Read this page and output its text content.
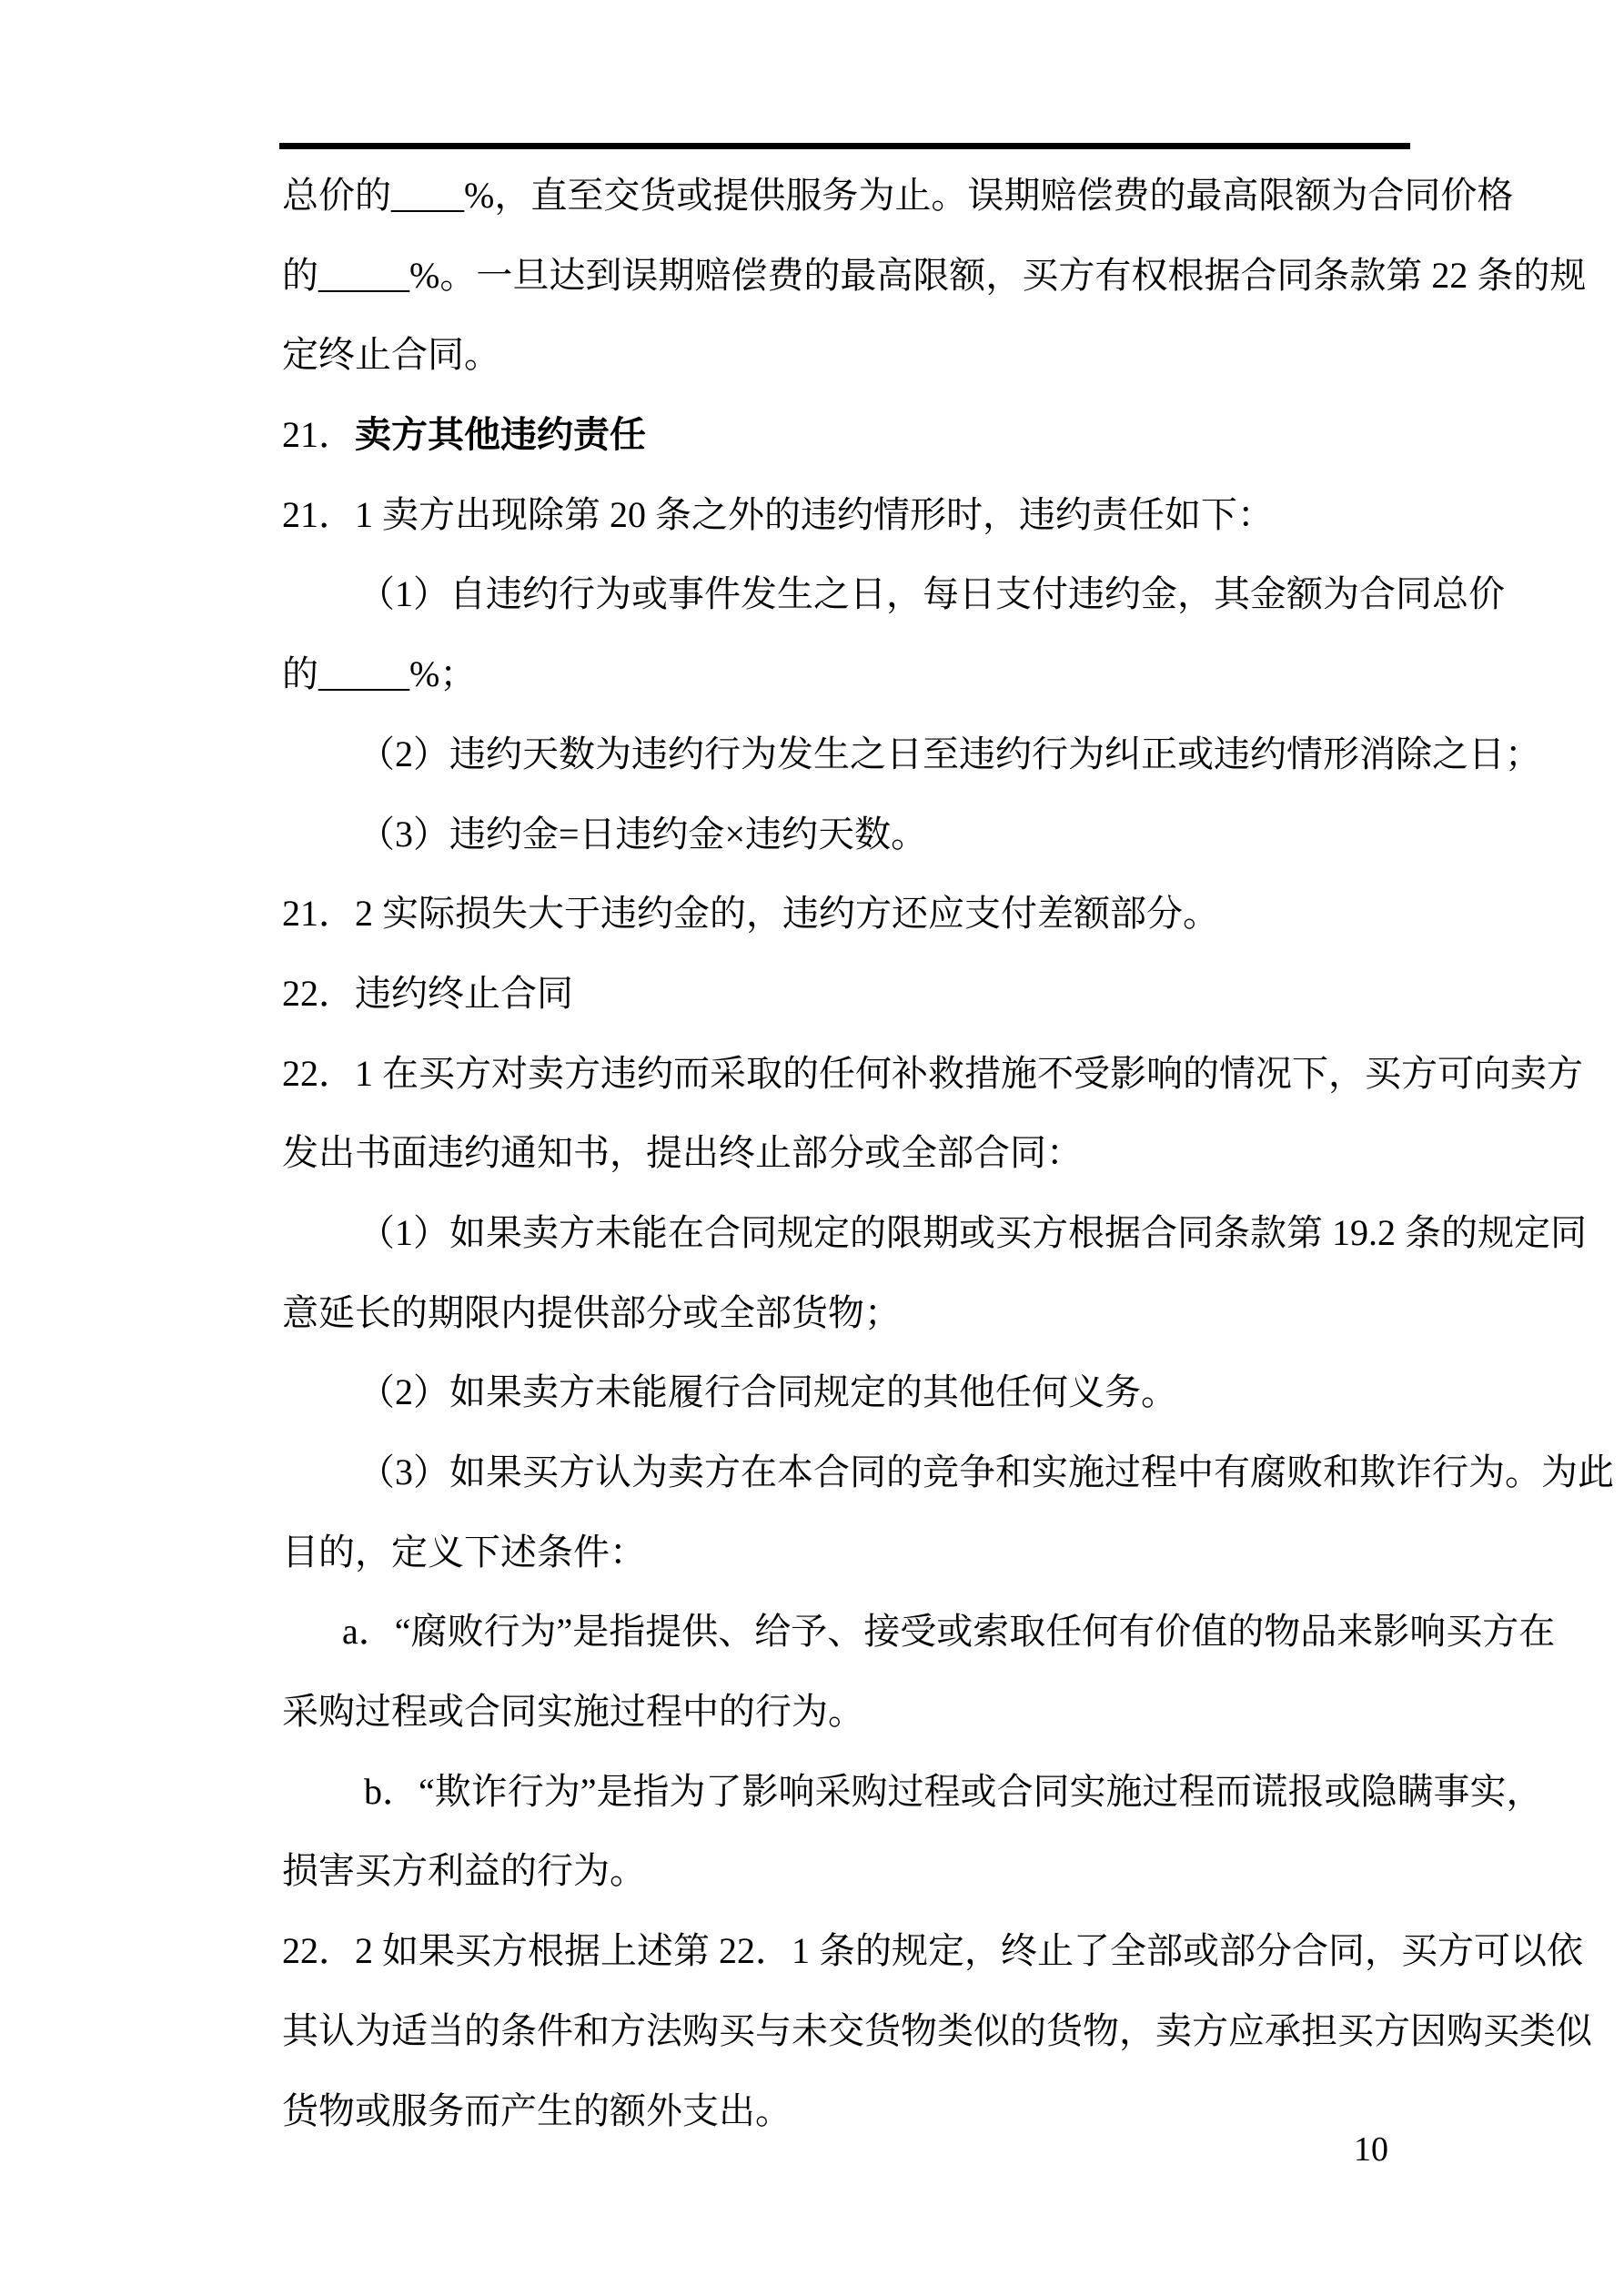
总价的____%，直至交货或提供服务为止。误期赔偿费的最高限额为合同价格
的_____%。一旦达到误期赔偿费的最高限额，买方有权根据合同条款第 22 条的规
定终止合同。
21．卖方其他违约责任
21．1 卖方出现除第 20 条之外的违约情形时，违约责任如下：
（1）自违约行为或事件发生之日，每日支付违约金，其金额为合同总价
的_____%；
（2）违约天数为违约行为发生之日至违约行为纠正或违约情形消除之日；
（3）违约金=日违约金×违约天数。
21．2 实际损失大于违约金的，违约方还应支付差额部分。
22．违约终止合同
22．1 在买方对卖方违约而采取的任何补救措施不受影响的情况下，买方可向卖方
发出书面违约通知书，提出终止部分或全部合同：
（1）如果卖方未能在合同规定的限期或买方根据合同条款第 19.2 条的规定同
意延长的期限内提供部分或全部货物；
（2）如果卖方未能履行合同规定的其他任何义务。
（3）如果买方认为卖方在本合同的竞争和实施过程中有腐败和欺诈行为。为此
目的，定义下述条件：
a．“腐败行为”是指提供、给予、接受或索取任何有价值的物品来影响买方在
采购过程或合同实施过程中的行为。
b．“欺诈行为”是指为了影响采购过程或合同实施过程而谎报或隐瞒事实，
损害买方利益的行为。
22．2 如果买方根据上述第 22．1 条的规定，终止了全部或部分合同，买方可以依
其认为适当的条件和方法购买与未交货物类似的货物，卖方应承担买方因购买类似
货物或服务而产生的额外支出。
10
